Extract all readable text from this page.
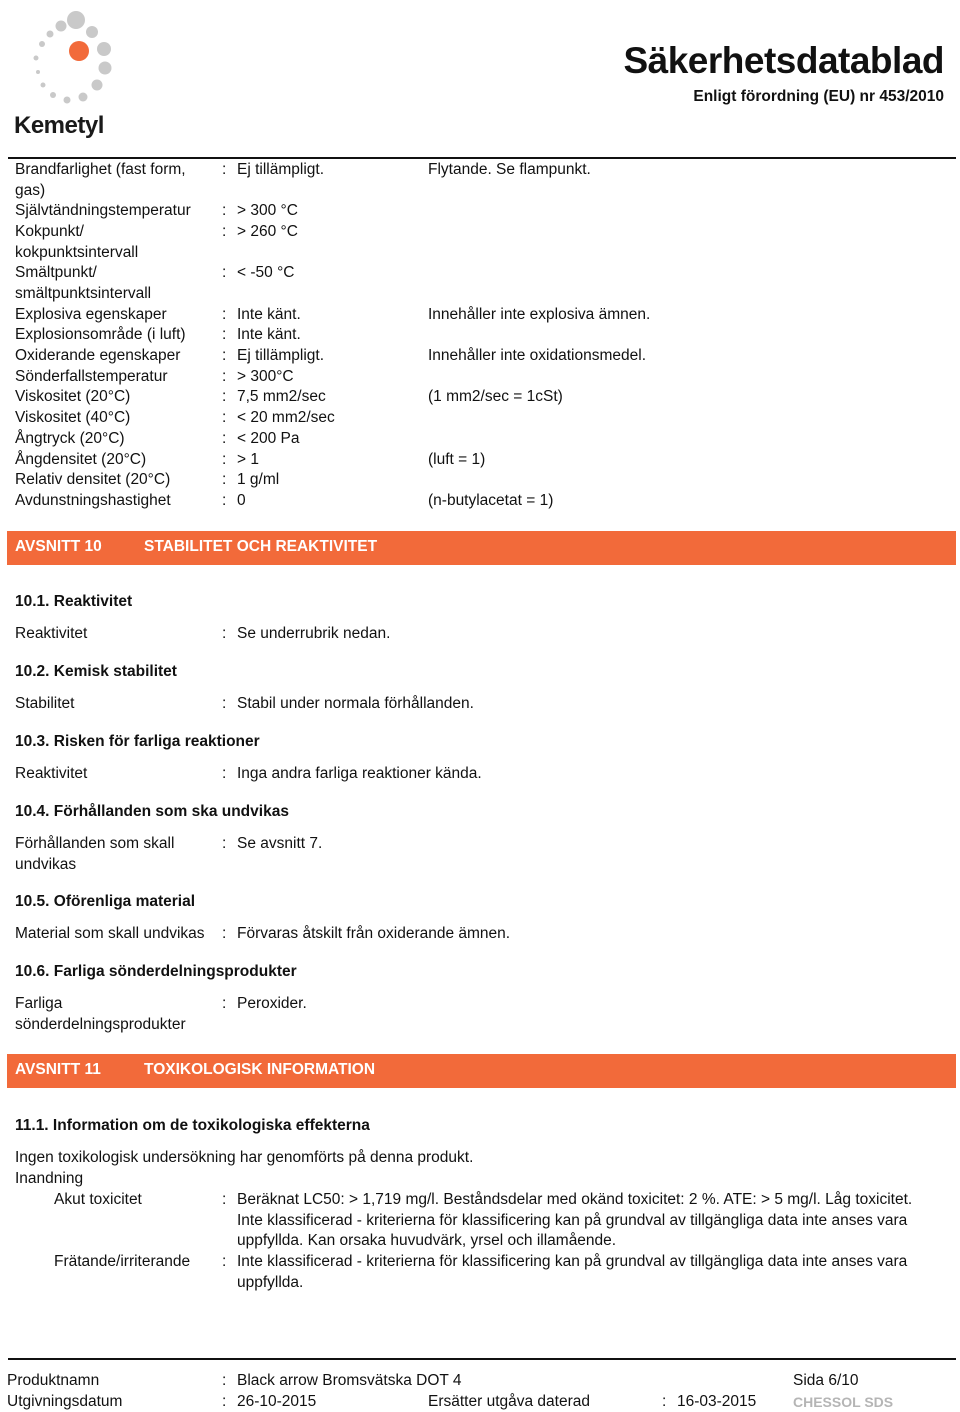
Kemetyl
Säkerhetsdatablad
Enligt förordning (EU) nr 453/2010
Brandfarlighet (fast form, gas)
: Ej tillämpligt.	Flytande. Se flampunkt.
Självtändningstemperatur	: > 300 °C
Kokpunkt/ kokpunktsintervall
: > 260 °C
Smältpunkt/ smältpunktsintervall
: < -50 °C
Explosiva egenskaper	: Inte känt.	Innehåller inte explosiva ämnen.
Explosionsområde (i luft)	: Inte känt.
Oxiderande egenskaper	: Ej tillämpligt.	Innehåller inte oxidationsmedel.
Sönderfallstemperatur	: > 300°C
Viskositet (20°C)	: 7,5 mm2/sec	(1 mm2/sec = 1cSt)
Viskositet (40°C)	: < 20 mm2/sec
Ångtryck (20°C)	: < 200 Pa
Ångdensitet (20°C)	: > 1	(luft = 1)
Relativ densitet (20°C)	: 1 g/ml
Avdunstningshastighet	: 0	(n-butylacetat = 1)
AVSNITT 10	STABILITET OCH REAKTIVITET
10.1. Reaktivitet
Reaktivitet	: Se underrubrik nedan.
10.2. Kemisk stabilitet
Stabilitet	: Stabil under normala förhållanden.
10.3. Risken för farliga reaktioner
Reaktivitet	: Inga andra farliga reaktioner kända.
10.4. Förhållanden som ska undvikas
Förhållanden som skall undvikas
: Se avsnitt 7.
10.5. Oförenliga material
Material som skall undvikas	: Förvaras åtskilt från oxiderande ämnen.
10.6. Farliga sönderdelningsprodukter
Farliga sönderdelningsprodukter
: Peroxider.
AVSNITT 11	TOXIKOLOGISK INFORMATION
11.1. Information om de toxikologiska effekterna
Ingen toxikologisk undersökning har genomförts på denna produkt.
Inandning
Akut toxicitet	: Beräknat LC50: > 1,719 mg/l. Beståndsdelar med okänd toxicitet: 2 %. ATE: > 5 mg/l. Låg toxicitet.
Inte klassificerad - kriterierna för klassificering kan på grundval av tillgängliga data inte anses vara
uppfyllda. Kan orsaka huvudvärk, yrsel och illamående.
Frätande/irriterande	: Inte klassificerad - kriterierna för klassificering kan på grundval av tillgängliga data inte anses vara
uppfyllda.
Produktnamn	: Black arrow Bromsvätska DOT 4	Sida 6/10
Utgivningsdatum	: 26-10-2015	Ersätter utgåva daterad	: 16-03-2015	CHESSOL SDS
